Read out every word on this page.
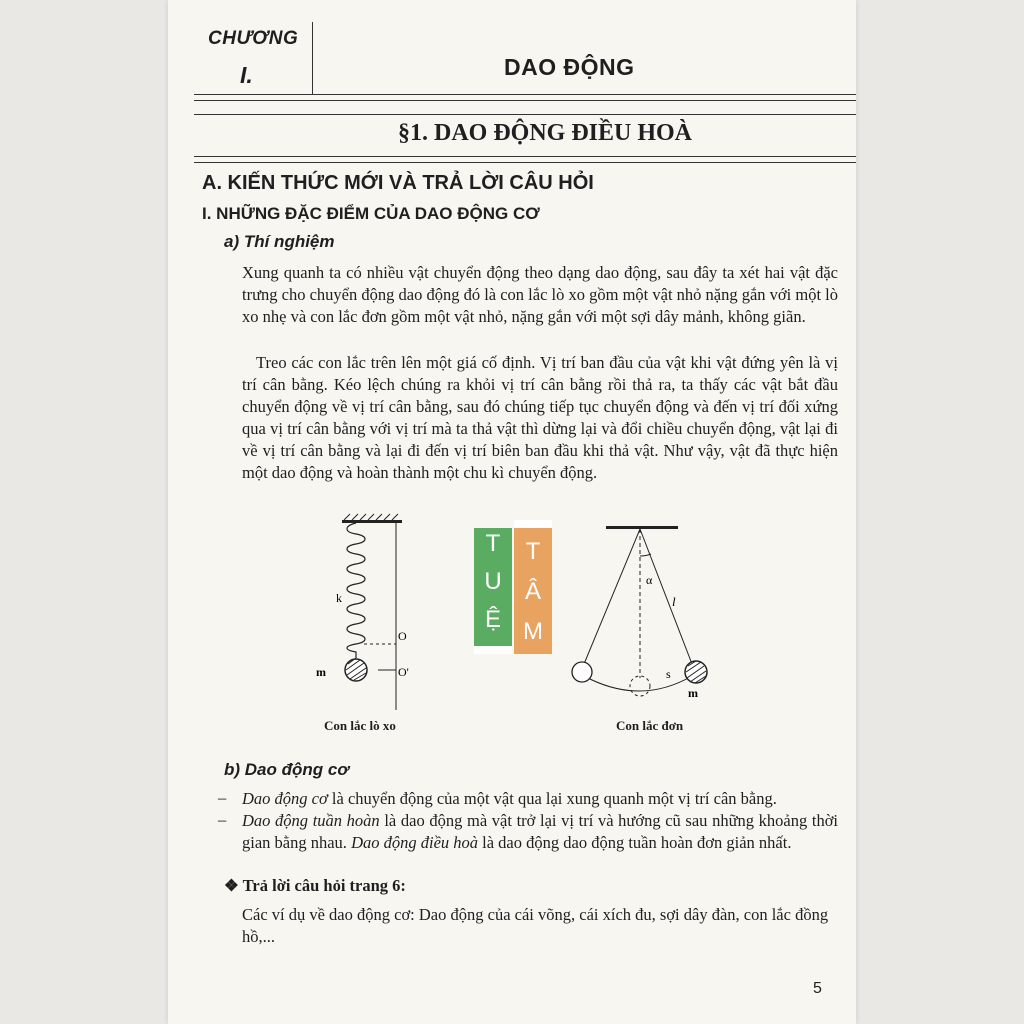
CHƯƠNG
I.	DAO ĐỘNG
§1. DAO ĐỘNG ĐIỀU HOÀ
A. KIẾN THỨC MỚI VÀ TRẢ LỜI CÂU HỎI
I. NHỮNG ĐẶC ĐIỂM CỦA DAO ĐỘNG CƠ
a) Thí nghiệm
Xung quanh ta có nhiều vật chuyển động theo dạng dao động, sau đây ta xét hai vật đặc trưng cho chuyển động dao động đó là con lắc lò xo gồm một vật nhỏ nặng gắn với một lò xo nhẹ và con lắc đơn gồm một vật nhỏ, nặng gắn với một sợi dây mảnh, không giãn.
Treo các con lắc trên lên một giá cố định. Vị trí ban đầu của vật khi vật đứng yên là vị trí cân bằng. Kéo lệch chúng ra khỏi vị trí cân bằng rồi thả ra, ta thấy các vật bắt đầu chuyển động về vị trí cân bằng, sau đó chúng tiếp tục chuyển động và đến vị trí đối xứng qua vị trí cân bằng với vị trí mà ta thả vật thì dừng lại và đổi chiều chuyển động, vật lại đi về vị trí cân bằng và lại đi đến vị trí biên ban đầu khi thả vật. Như vậy, vật đã thực hiện một dao động và hoàn thành một chu kì chuyển động.
k
O
O'
m
Con lắc lò xo
T
U
Ệ
T
Â
M
α
l
s
m
Con lắc đơn
b) Dao động cơ
– Dao động cơ là chuyển động của một vật qua lại xung quanh một vị trí cân bằng.
– Dao động tuần hoàn là dao động mà vật trở lại vị trí và hướng cũ sau những khoảng thời gian bằng nhau. Dao động điều hoà là dao động dao động tuần hoàn đơn giản nhất.
❖ Trả lời câu hỏi trang 6:
Các ví dụ về dao động cơ: Dao động của cái võng, cái xích đu, sợi dây đàn, con lắc đồng hồ,...
5
